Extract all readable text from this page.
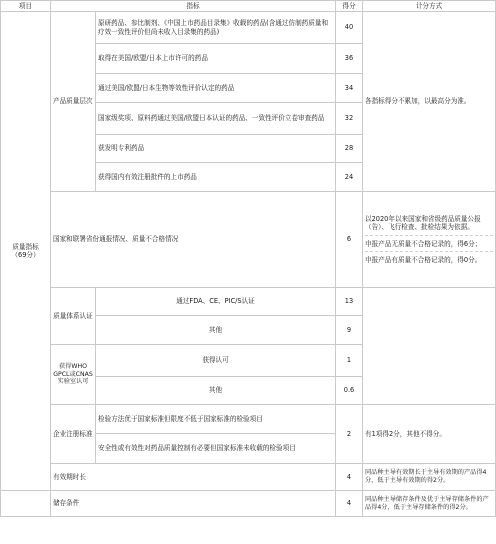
项目	指标		得分	计分方式

质量指标
（69分）	产品质量层次	原研药品、参比制剂、《中国上市药品目录集》收载的药品(含通过仿制药质量和疗效一致性评价但尚未收入目录集的药品)	40	各指标得分不累加，以最高分为准。
		取得在美国/欧盟/日本上市许可的药品	36	
		通过美国/欧盟/日本生物等效性评价认定的药品	34	
		国家级奖项、原料药通过美国/欧盟日本认证的药品、一致性评价立卷审查药品	32	
		获发明专利药品	28	
		获得国内有效注册批件的上市药品	24	
	国家和联署省份通报情况、质量不合格情况		6	以2020年以来国家和省级药品质量公报（告）、飞行检查、批检结果为依据。
申报产品无质量不合格记录的，得6分；
申报产品有质量不合格记录的，得0分。

	质量体系认证	通过FDA、CE、PIC/S认证	13	
		其他	9	
	获得WHO GPCL或CNAS实验室认可	获得认可	1	
		其他	0.6	
	企业注册标准	检验方法优于国家标准但限度不低于国家标准的检验项目	2	有1项得2分，其他不得分。
		安全性或有效性对药品质量控制有必要但国家标准未收载的检验项目		
	有效期时长		4	同品种主导有效期长于主导有效期的产品得4分，低于主导有效期的得2分。
	储存条件		4	同品种主导储存条件及优于主导存储条件的产品得4分，低于主导存储条件的得2分。
